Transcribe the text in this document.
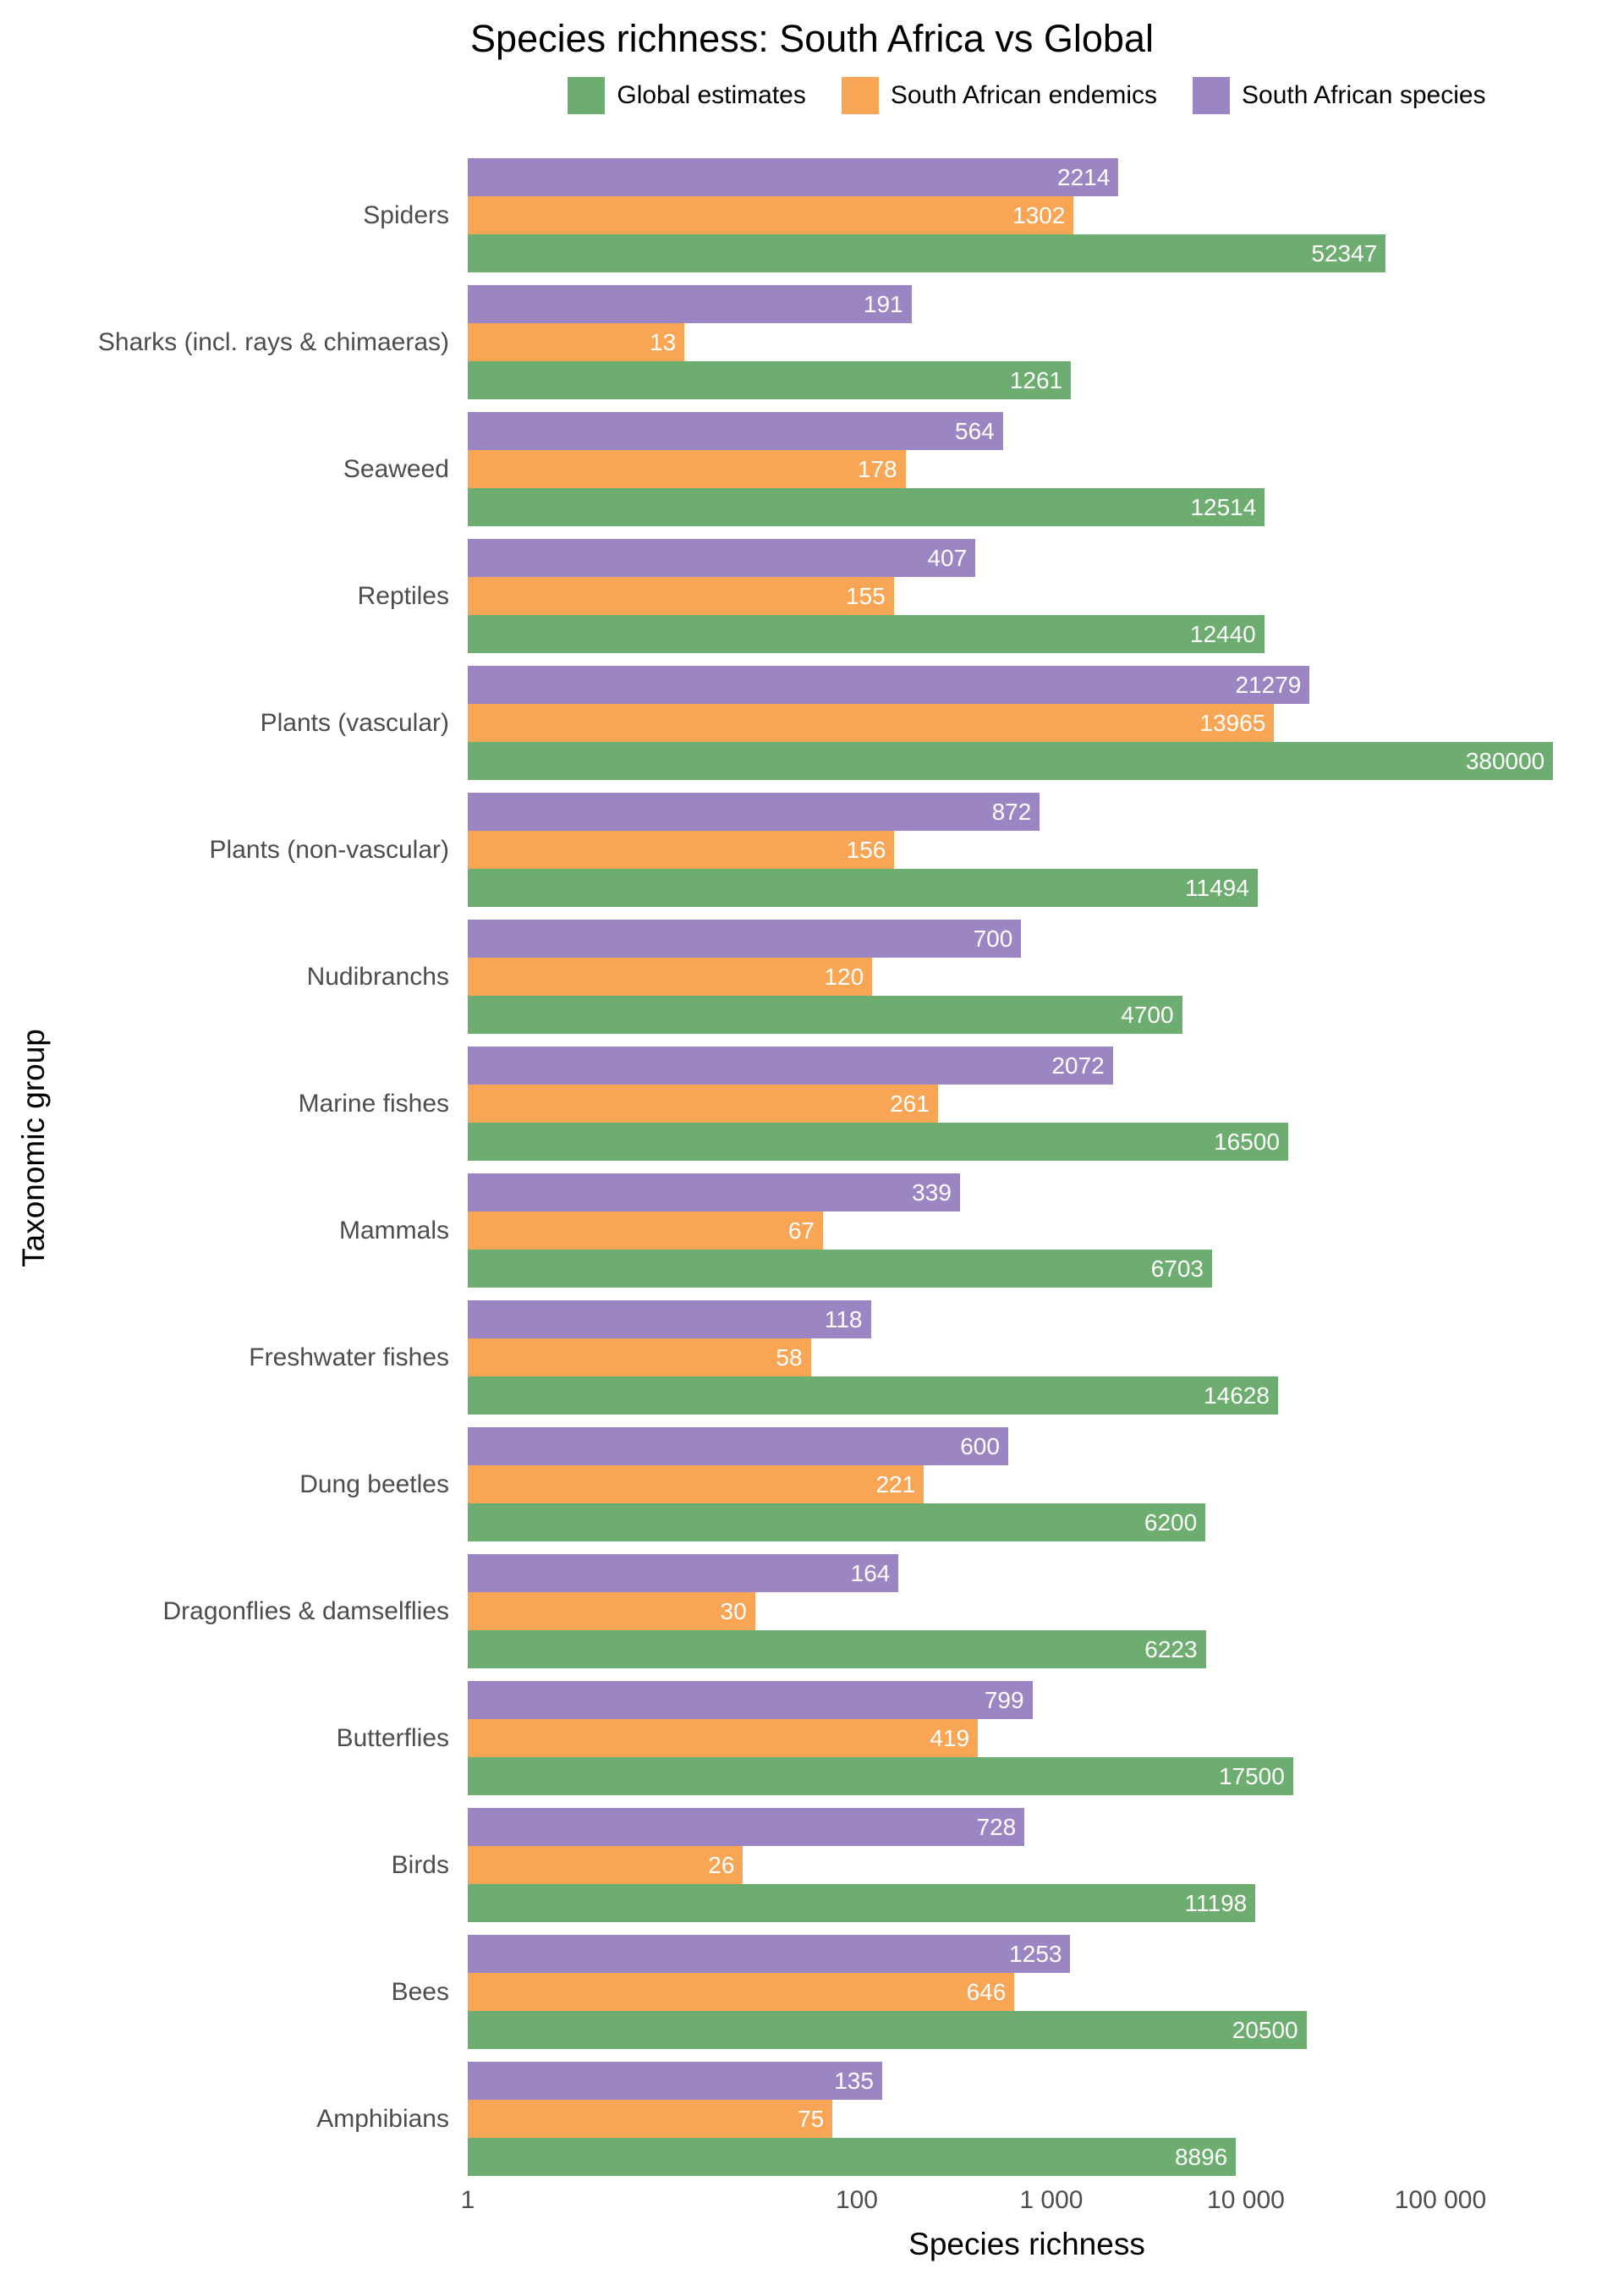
Species richness: South Africa vs Global
Global estimates	South African endemics	South African species
Taxonomic group
Spiders
2214
1302
52347
Sharks (incl. rays & chimaeras)
191
13
1261
Seaweed
564
178
12514
Reptiles
407
155
12440
Plants (vascular)
21279
13965
380000
Plants (non-vascular)
872
156
11494
Nudibranchs
700
120
4700
Marine fishes
2072
261
16500
Mammals
339
67
6703
Freshwater fishes
118
58
14628
Dung beetles
600
221
6200
Dragonflies & damselflies
164
30
6223
Butterflies
799
419
17500
Birds
728
26
11198
Bees
1253
646
20500
Amphibians
135
75
8896
1	100	1 000	10 000	100 000
Species richness
